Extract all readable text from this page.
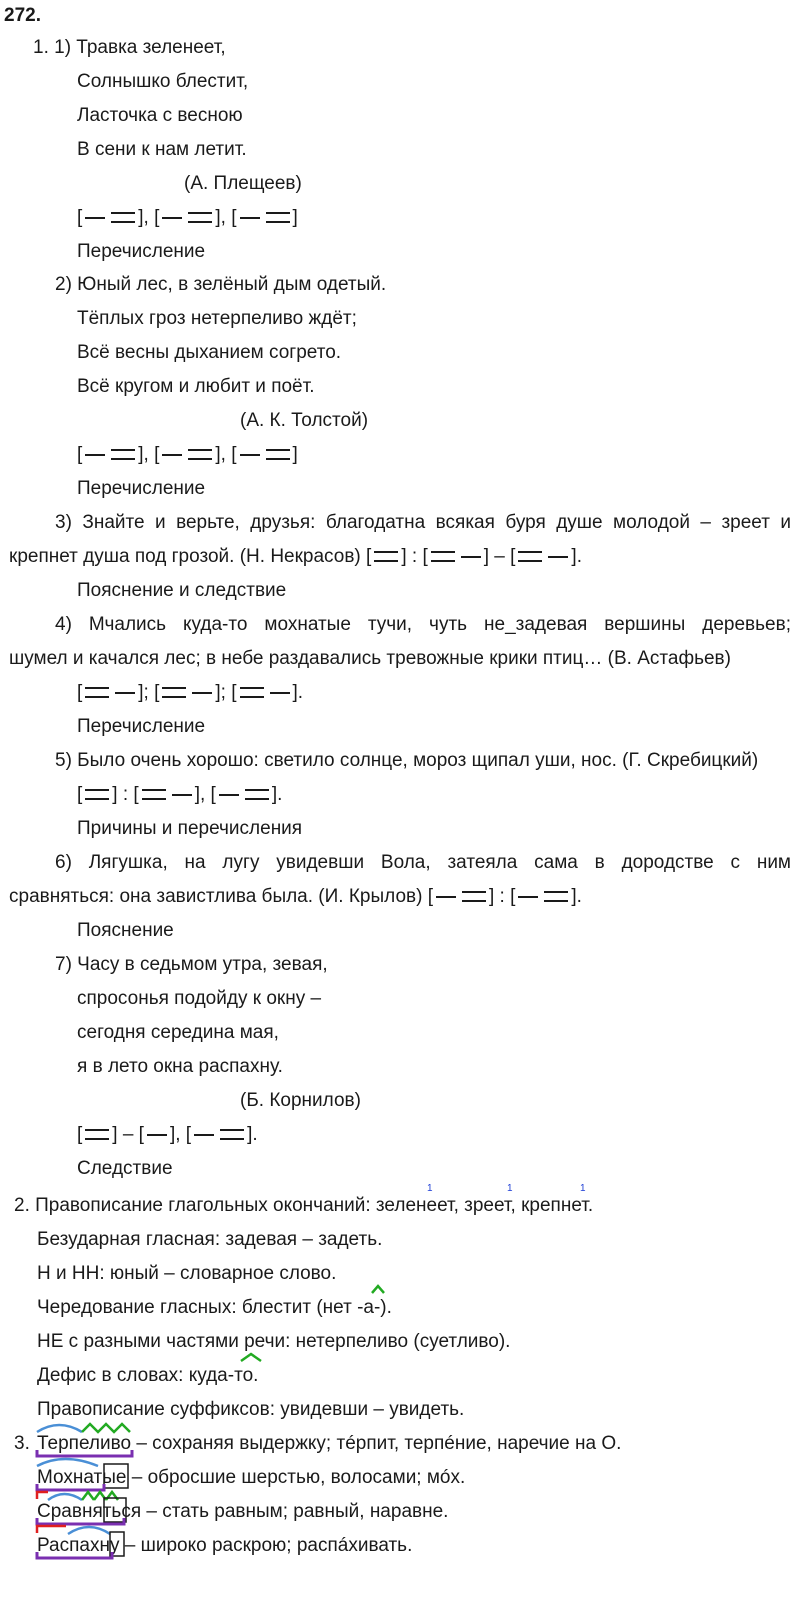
272.
1. 1) Травка зеленеет,
Солнышко блестит,
Ласточка с весною
В сени к нам летит.
(А. Плещеев)
[	], [	], [	]
Перечисление
2) Юный лес, в зелёный дым одетый.
Тёплых гроз нетерпеливо ждёт;
Всё весны дыханием согрето.
Всё кругом и любит и поёт.
(А. К. Толстой)
[	], [	], [	]
Перечисление
3) Знайте и верьте, друзья: благодатна всякая буря душе молодой – зреет и
крепнет душа под грозой. (Н. Некрасов) [ ] : [	] – [	].
Пояснение и следствие
4) Мчались куда-то мохнатые тучи, чуть не_задевая вершины деревьев;
шумел и качался лес; в небе раздавались тревожные крики птиц… (В. Астафьев)
[	]; [	]; [	].
Перечисление
5) Было очень хорошо: светило солнце, мороз щипал уши, нос. (Г. Скребицкий)
[ ] : [	], [	].
Причины и перечисления
6) Лягушка, на лугу увидевши Вола, затеяла сама в дородстве с ним
сравняться: она завистлива была. (И. Крылов) [	] : [	].
Пояснение
7) Часу в седьмом утра, зевая,
спросонья подойду к окну –
сегодня середина мая,
я в лето окна распахну.
(Б. Корнилов)
[ ] – [ ], [	].
Следствие
2. Правописание глагольных окончаний: зеленеет, зреет, крепнет.
1	1	1
Безударная гласная: задевая – задеть.
Н и НН: юный – словарное слово.
Чередование гласных: блестит (нет -а-).
НЕ с разными частями речи: нетерпеливо (суетливо).
Дефис в словах: куда-то.
Правописание суффиксов: увидевши – увидеть.
3. Терпеливо – сохраняя выдержку; тéрпит, терпéние, наречие на О.
Мохнатые – обросшие шерстью, волосами; мóх.
Сравняться – стать равным; равный, наравне.
Распахну – широко раскрою; распáхивать.
